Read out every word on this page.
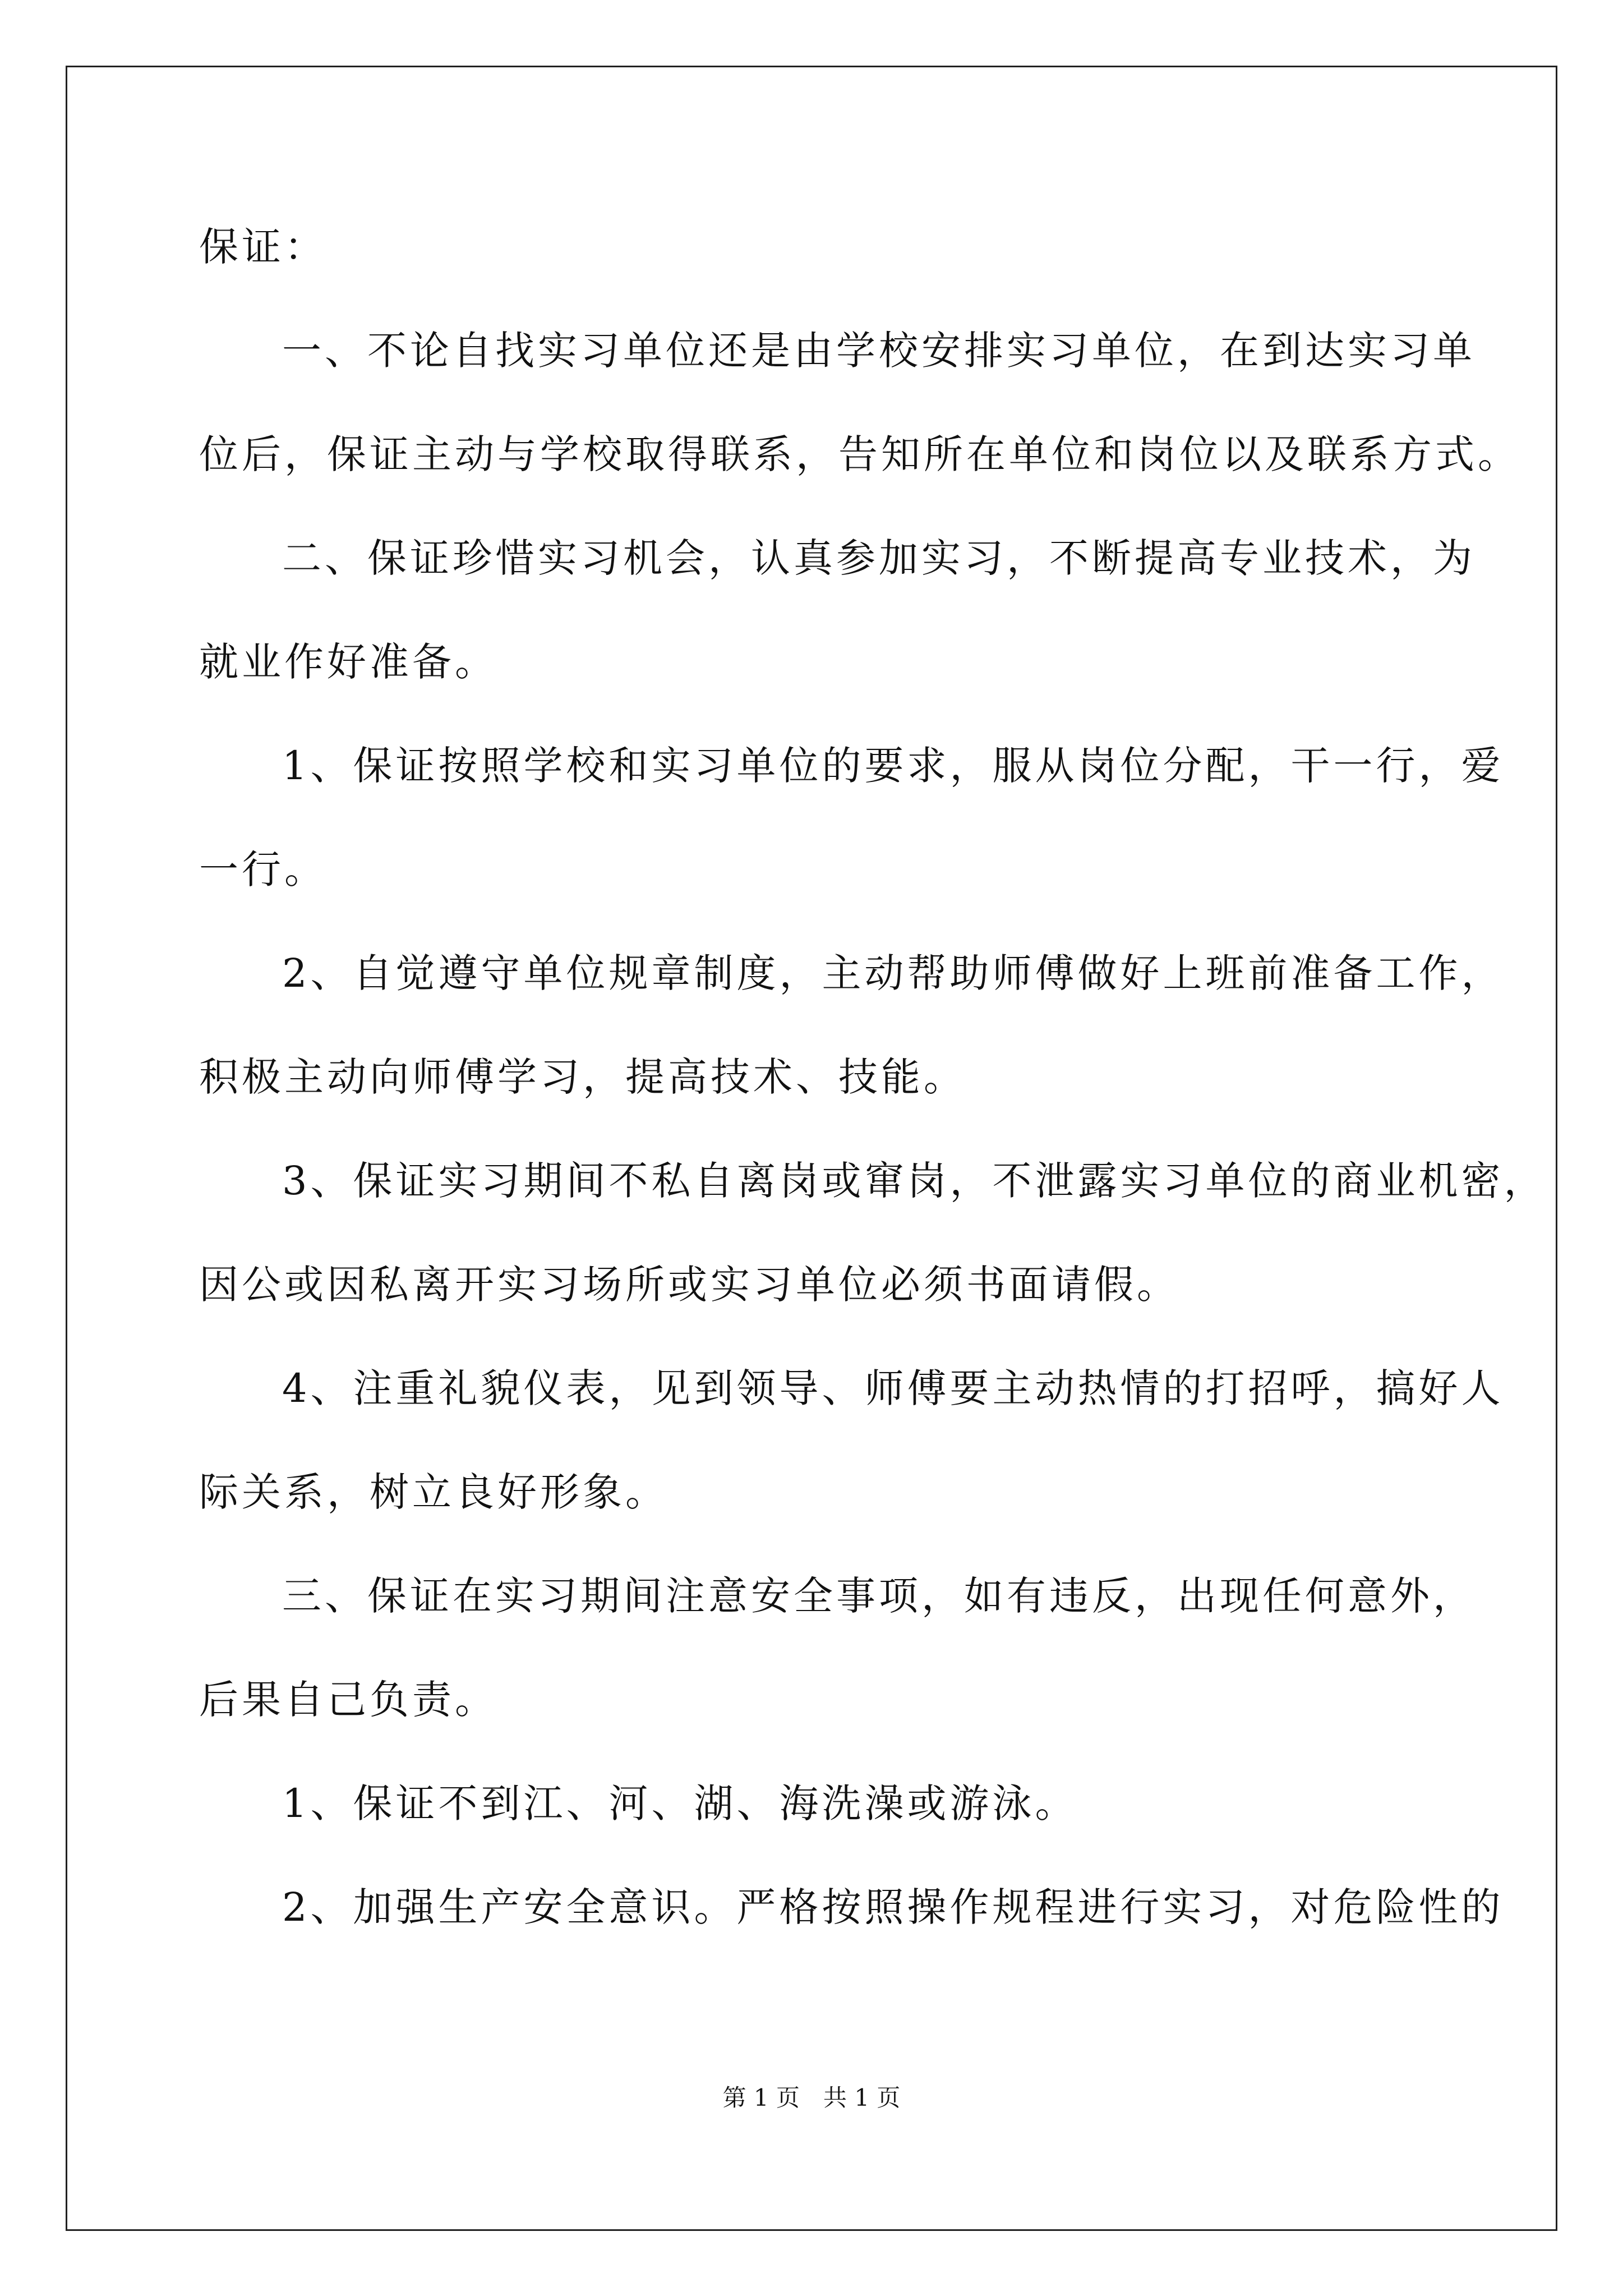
保证：
一、不论自找实习单位还是由学校安排实习单位，在到达实习单
位后，保证主动与学校取得联系，告知所在单位和岗位以及联系方式。
二、保证珍惜实习机会，认真参加实习，不断提高专业技术，为
就业作好准备。
1、保证按照学校和实习单位的要求，服从岗位分配，干一行，爱
一行。
2、自觉遵守单位规章制度，主动帮助师傅做好上班前准备工作，
积极主动向师傅学习，提高技术、技能。
3、保证实习期间不私自离岗或窜岗，不泄露实习单位的商业机密，
因公或因私离开实习场所或实习单位必须书面请假。
4、注重礼貌仪表，见到领导、师傅要主动热情的打招呼，搞好人
际关系，树立良好形象。
三、保证在实习期间注意安全事项，如有违反，出现任何意外，
后果自己负责。
1、保证不到江、河、湖、海洗澡或游泳。
2、加强生产安全意识。严格按照操作规程进行实习，对危险性的
第 1 页　共 1 页
